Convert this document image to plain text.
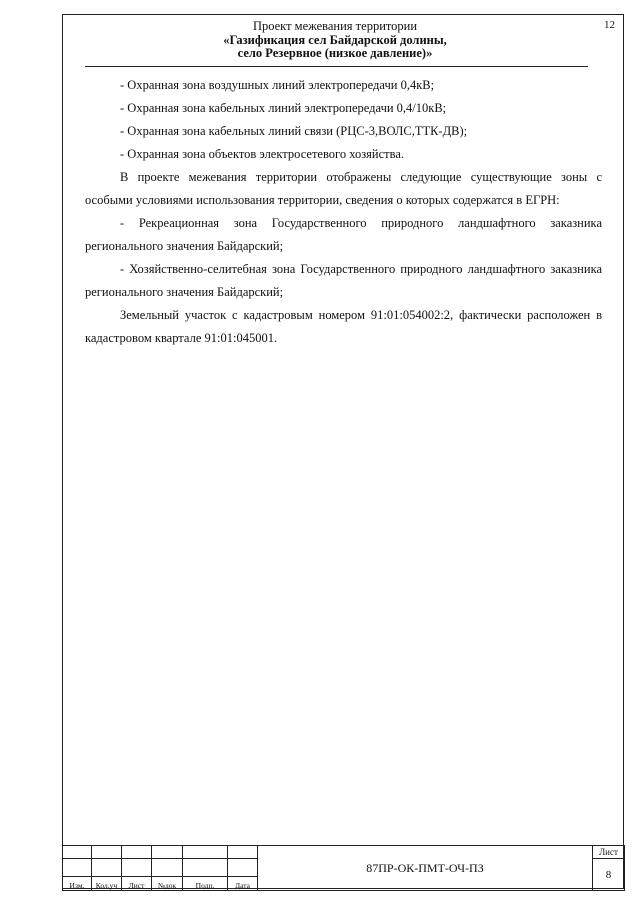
12
Проект межевания территории
«Газификация сел Байдарской долины,
село Резервное (низкое давление)»

- Охранная зона воздушных линий электропередачи 0,4кВ;

- Охранная зона кабельных линий электропередачи 0,4/10кВ;

- Охранная зона кабельных линий связи (РЦС-3,ВОЛС,ТТК-ДВ);

- Охранная зона объектов электросетевого хозяйства.

В проекте межевания территории отображены следующие существующие зоны с особыми условиями использования территории, сведения о которых содержатся в ЕГРН:

- Рекреационная зона Государственного природного ландшафтного заказника регионального значения Байдарский;

- Хозяйственно-селитебная зона Государственного природного ландшафтного заказника регионального значения Байдарский;

Земельный участок с кадастровым номером 91:01:054002:2, фактически расположен в кадастровом квартале 91:01:045001.

						87ПР-ОК-ПМТ-ОЧ-ПЗ	Лист
							8
Изм.	Кол.уч	Лист	№док	Подп.	Дата		
